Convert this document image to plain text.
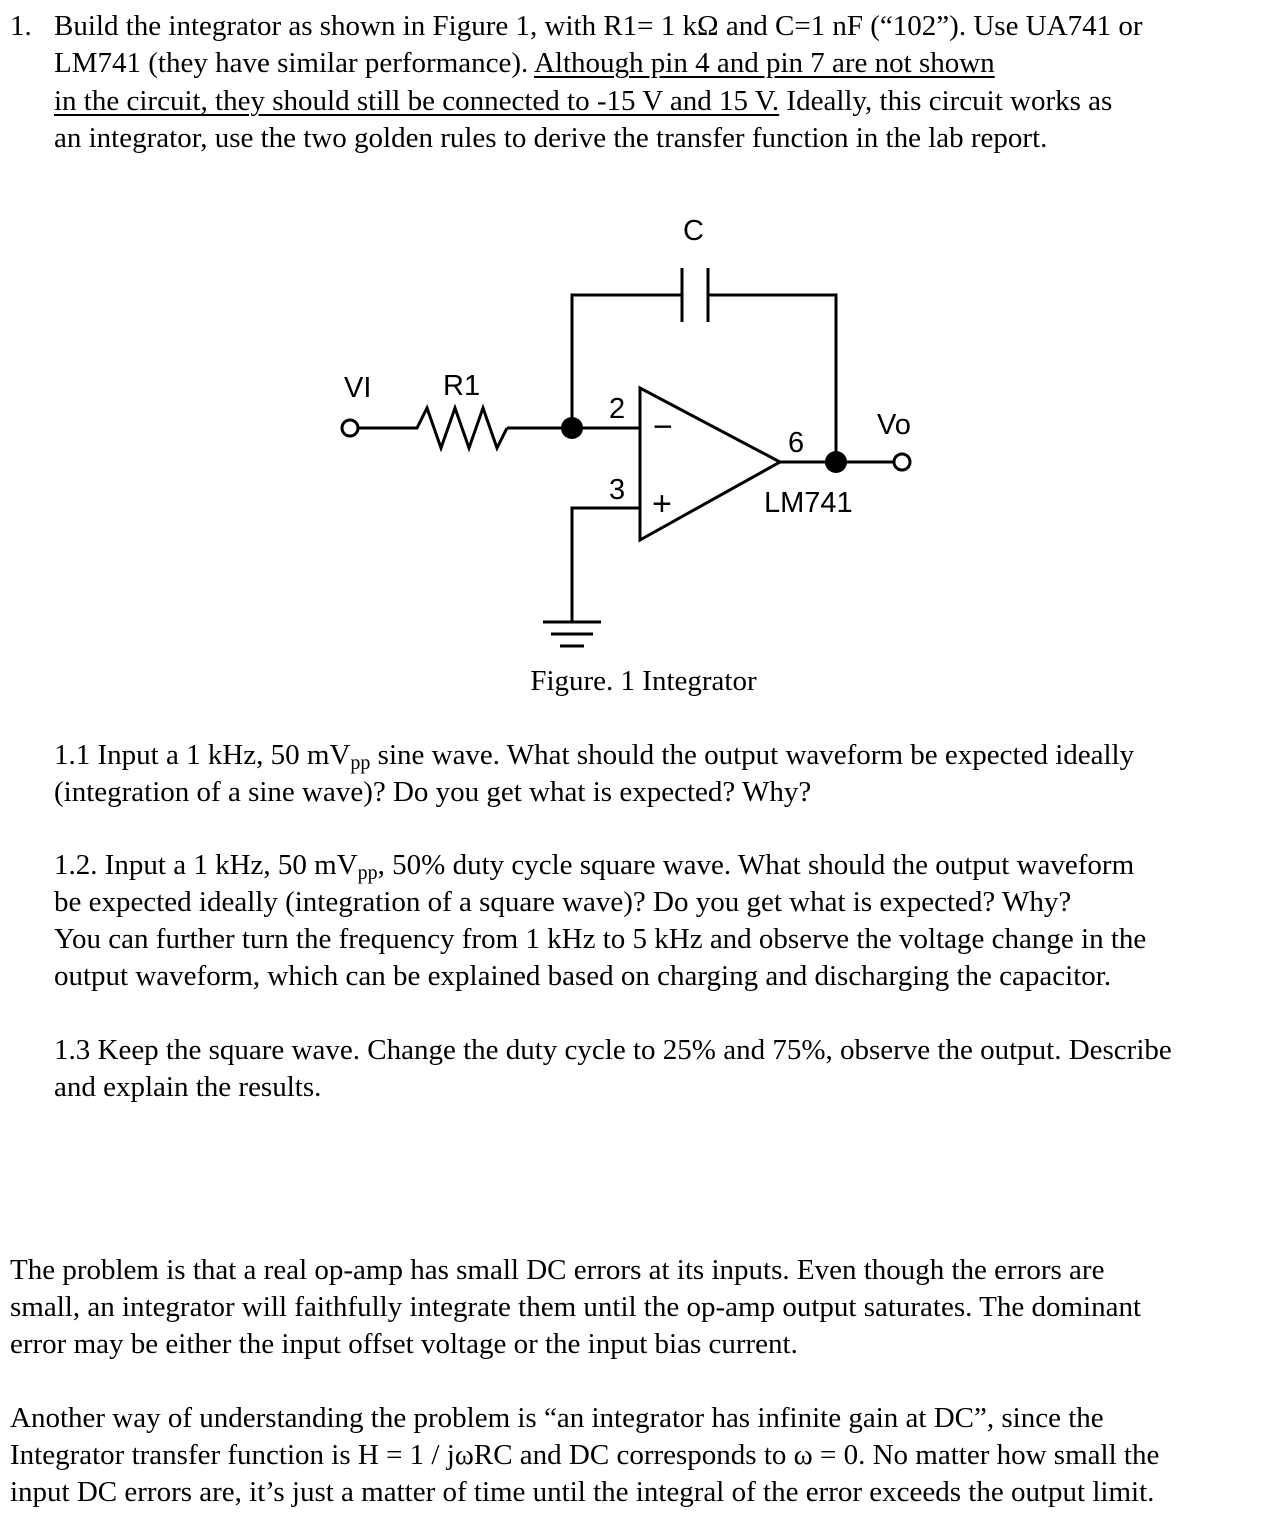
1. Build the integrator as shown in Figure 1, with R1= 1 kΩ and C=1 nF (“102”). Use UA741 or
LM741 (they have similar performance). Although pin 4 and pin 7 are not shown
in the circuit, they should still be connected to -15 V and 15 V. Ideally, this circuit works as
an integrator, use the two golden rules to derive the transfer function in the lab report.
C
VI R1
Vo
2
3
6
LM741
−
+
Figure. 1 Integrator
1.1 Input a 1 kHz, 50 $mV_{pp}$ sine wave. What should the output waveform be expected ideally
(integration of a sine wave)? Do you get what is expected? Why?
1.2. Input a 1 kHz, 50 $mV_{pp}$, 50% duty cycle square wave. What should the output waveform
be expected ideally (integration of a square wave)? Do you get what is expected? Why?
You can further turn the frequency from 1 kHz to 5 kHz and observe the voltage change in the
output waveform, which can be explained based on charging and discharging the capacitor.
1.3 Keep the square wave. Change the duty cycle to 25% and 75%, observe the output. Describe
and explain the results.
The problem is that a real op-amp has small DC errors at its inputs. Even though the errors are
small, an integrator will faithfully integrate them until the op-amp output saturates. The dominant
error may be either the input offset voltage or the input bias current.
Another way of understanding the problem is “an integrator has infinite gain at DC”, since the
Integrator transfer function is H = 1 / jωRC and DC corresponds to ω = 0. No matter how small the
input DC errors are, it’s just a matter of time until the integral of the error exceeds the output limit.
